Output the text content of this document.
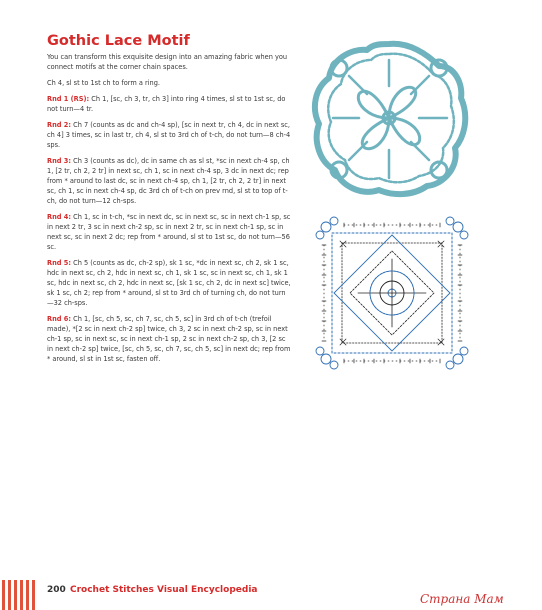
Gothic Lace Motif

You can transform this exquisite design into an amazing fabric when you connect motifs at the corner chain spaces.

Ch 4, sl st to 1st ch to form a ring.

Rnd 1 (RS): Ch 1, [sc, ch 3, tr, ch 3] into ring 4 times, sl st to 1st sc, do not turn—4 tr.

Rnd 2: Ch 7 (counts as dc and ch-4 sp), [sc in next tr, ch 4, dc in next sc, ch 4] 3 times, sc in last tr, ch 4, sl st to 3rd ch of t-ch, do not turn—8 ch-4 sps.

Rnd 3: Ch 3 (counts as dc), dc in same ch as sl st, *sc in next ch-4 sp, ch 1, [2 tr, ch 2, 2 tr] in next sc, ch 1, sc in next ch-4 sp, 3 dc in next dc; rep from * around to last dc, sc in next ch-4 sp, ch 1, [2 tr, ch 2, 2 tr] in next sc, ch 1, sc in next ch-4 sp, dc 3rd ch of t-ch on prev rnd, sl st to top of t-ch, do not turn—12 ch-sps.

Rnd 4: Ch 1, sc in t-ch, *sc in next dc, sc in next sc, sc in next ch-1 sp, sc in next 2 tr, 3 sc in next ch-2 sp, sc in next 2 tr, sc in next ch-1 sp, sc in next sc, sc in next 2 dc; rep from * around, sl st to 1st sc, do not turn—56 sc.

Rnd 5: Ch 5 (counts as dc, ch-2 sp), sk 1 sc, *dc in next sc, ch 2, sk 1 sc, hdc in next sc, ch 2, hdc in next sc, ch 1, sk 1 sc, sc in next sc, ch 1, sk 1 sc, hdc in next sc, ch 2, hdc in next sc, [sk 1 sc, ch 2, dc in next sc] twice, sk 1 sc, ch 2; rep from * around, sl st to 3rd ch of turning ch, do not turn—32 ch-sps.

Rnd 6: Ch 1, [sc, ch 5, sc, ch 7, sc, ch 5, sc] in 3rd ch of t-ch (trefoil made), *[2 sc in next ch-2 sp] twice, ch 3, 2 sc in next ch-2 sp, sc in next ch-1 sp, sc in next sc, sc in next ch-1 sp, 2 sc in next ch-2 sp, ch 3, [2 sc in next ch-2 sp] twice, [sc, ch 5, sc, ch 7, sc, ch 5, sc] in next dc; rep from * around, sl st in 1st sc, fasten off.

200 Crochet Stitches Visual Encyclopedia
Страна Мам
